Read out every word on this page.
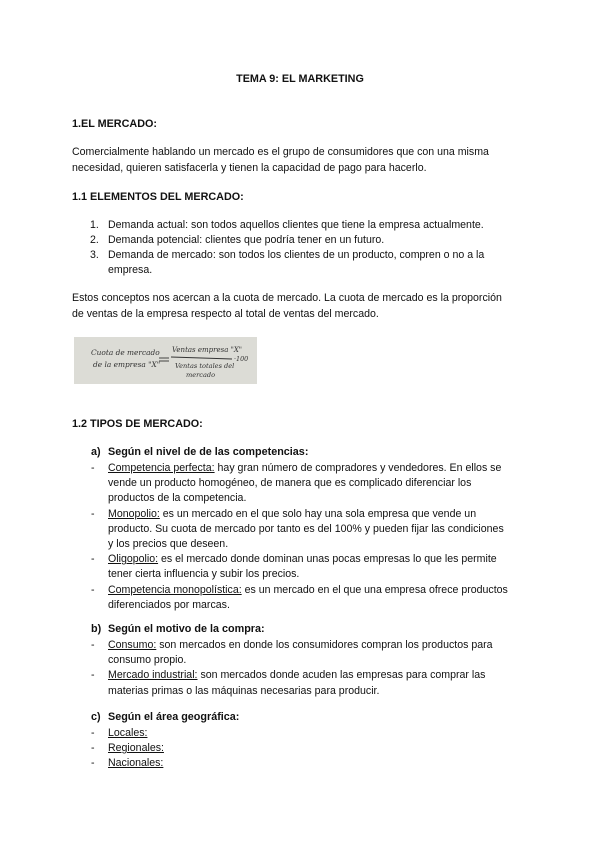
TEMA 9: EL MARKETING
1.EL MERCADO:
Comercialmente hablando un mercado es el grupo de consumidores que con una misma
necesidad, quieren satisfacerla y tienen la capacidad de pago para hacerlo.
1.1 ELEMENTOS DEL MERCADO:
1. Demanda actual: son todos aquellos clientes que tiene la empresa actualmente.
2. Demanda potencial: clientes que podría tener en un futuro.
3. Demanda de mercado: son todos los clientes de un producto, compren o no a la
empresa.
Estos conceptos nos acercan a la cuota de mercado. La cuota de mercado es la proporción
de ventas de la empresa respecto al total de ventas del mercado.
Cuota de mercado
de la empresa "X"
Ventas empresa "X"
Ventas totales del
mercado
·100
1.2 TIPOS DE MERCADO:
a) Según el nivel de de las competencias:
- Competencia perfecta: hay gran número de compradores y vendedores. En ellos se
vende un producto homogéneo, de manera que es complicado diferenciar los
productos de la competencia.
- Monopolio: es un mercado en el que solo hay una sola empresa que vende un
producto. Su cuota de mercado por tanto es del 100% y pueden fijar las condiciones
y los precios que deseen.
- Oligopolio: es el mercado donde dominan unas pocas empresas lo que les permite
tener cierta influencia y subir los precios.
- Competencia monopolística: es un mercado en el que una empresa ofrece productos
diferenciados por marcas.
b) Según el motivo de la compra:
- Consumo: son mercados en donde los consumidores compran los productos para
consumo propio.
- Mercado industrial: son mercados donde acuden las empresas para comprar las
materias primas o las máquinas necesarias para producir.
c) Según el área geográfica:
- Locales:
- Regionales:
- Nacionales:
